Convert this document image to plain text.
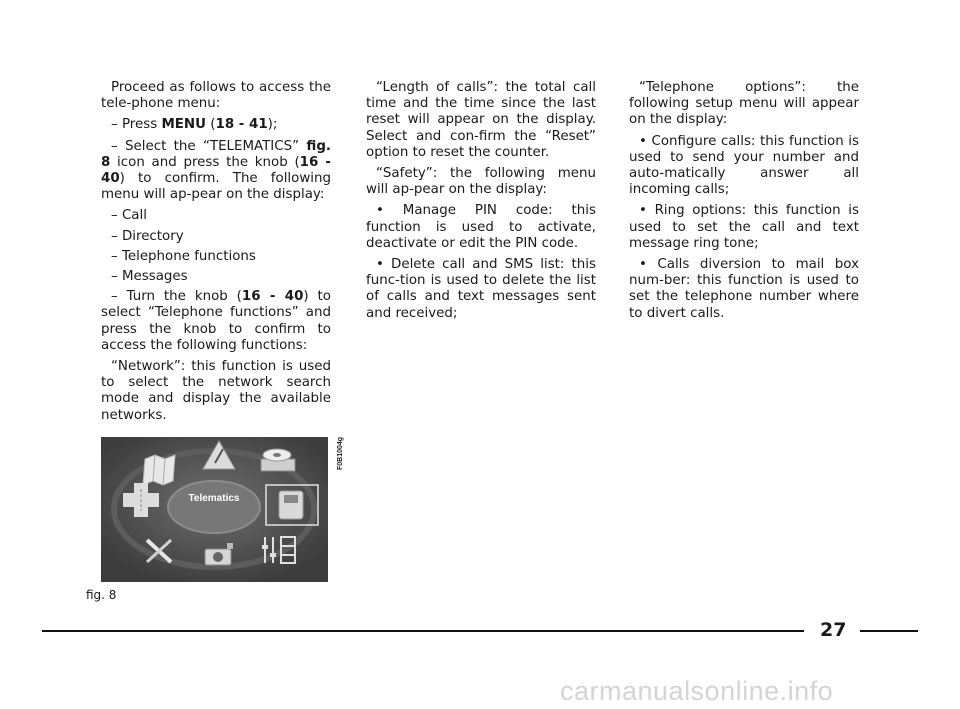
Proceed as follows to access the tele-phone menu:

– Press MENU (18 - 41);

– Select the “TELEMATICS” fig. 8 icon and press the knob (16 - 40) to confirm. The following menu will ap-pear on the display:

– Call

– Directory

– Telephone functions

– Messages

– Turn the knob (16 - 40) to select “Telephone functions” and press the knob to confirm to access the following functions:

“Network”: this function is used to select the network search mode and display the available networks.

“Length of calls”: the total call time and the time since the last reset will appear on the display. Select and con-firm the “Reset” option to reset the counter.

“Safety”: the following menu will ap-pear on the display:

• Manage PIN code: this function is used to activate, deactivate or edit the PIN code.

• Delete call and SMS list: this func-tion is used to delete the list of calls and text messages sent and received;

“Telephone options”: the following setup menu will appear on the display:

• Configure calls: this function is used to send your number and auto-matically answer all incoming calls;

• Ring options: this function is used to set the call and text message ring tone;

• Calls diversion to mail box num-ber: this function is used to set the telephone number where to divert calls.

Telematics
F0B1004g
fig. 8
27
carmanualsonline.info
